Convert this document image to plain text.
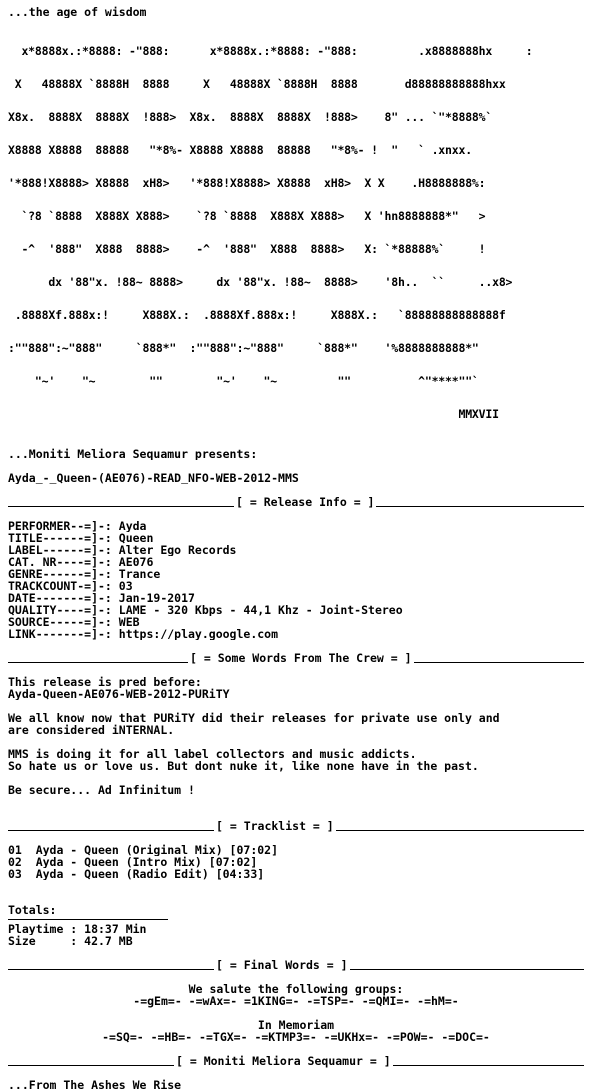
...the age of wisdom

x*8888x.:*8888: -"888:      x*8888x.:*8888: -"888:         .x8888888hx     :

X   48888X `8888H  8888     X   48888X `8888H  8888       d88888888888hxx

X8x.  8888X  8888X  !888>  X8x.  8888X  8888X  !888>    8" ... `"*8888%`

X8888 X8888  88888   "*8%- X8888 X8888  88888   "*8%- !  "   ` .xnxx.

'*888!X8888> X8888  xH8>   '*888!X8888> X8888  xH8>  X X    .H8888888%:

`?8 `8888  X888X X888>    `?8 `8888  X888X X888>   X 'hn8888888*"   >

-^  '888"  X888  8888>    -^  '888"  X888  8888>   X: `*88888%`     !

dx '88"x. !88~ 8888>     dx '88"x. !88~  8888>    '8h..  ``     ..x8>

.8888Xf.888x:!     X888X.:  .8888Xf.888x:!     X888X.:   `88888888888888f

:""888":~"888"     `888*"  :""888":~"888"     `888*"    '%8888888888*"

"~'    "~        ""        "~'    "~         ""          ^"****""`

MMXVII

...Moniti Meliora Sequamur presents:
Ayda_-_Queen-(AE076)-READ_NFO-WEB-2012-MMS
[ = Release Info = ]
PERFORMER--=]-: Ayda
TITLE------=]-: Queen
LABEL------=]-: Alter Ego Records
CAT. NR----=]-: AE076
GENRE------=]-: Trance
TRACKCOUNT-=]-: 03
DATE-------=]-: Jan-19-2017
QUALITY----=]-: LAME - 320 Kbps - 44,1 Khz - Joint-Stereo
SOURCE-----=]-: WEB
LINK-------=]-: https://play.google.com
[ = Some Words From The Crew = ]
This release is pred before:
Ayda-Queen-AE076-WEB-2012-PURiTY
We all know now that PURiTY did their releases for private use only and
are considered iNTERNAL.
MMS is doing it for all label collectors and music addicts.
So hate us or love us. But dont nuke it, like none have in the past.
Be secure... Ad Infinitum !
[ = Tracklist = ]
01  Ayda - Queen (Original Mix) [07:02]
02  Ayda - Queen (Intro Mix) [07:02]
03  Ayda - Queen (Radio Edit) [04:33]
Totals:
Playtime : 18:37 Min
Size     : 42.7 MB
[ = Final Words = ]
We salute the following groups:
-=gEm=- -=wAx=- =1KING=- -=TSP=- -=QMI=- -=hM=-
In Memoriam
-=SQ=- -=HB=- -=TGX=- -=KTMP3=- -=UKHx=- -=POW=- -=DOC=-
[ = Moniti Meliora Sequamur = ]
...From The Ashes We Rise
